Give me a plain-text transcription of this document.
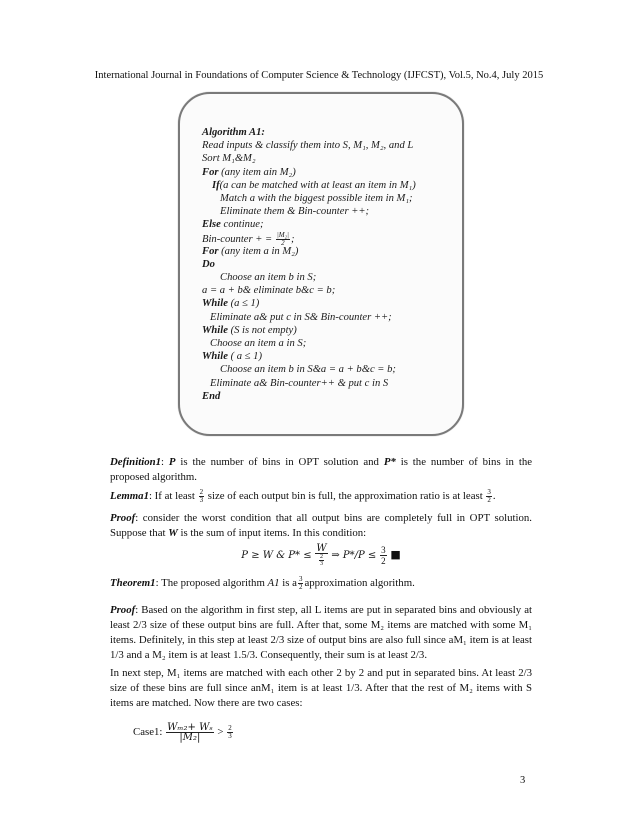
International Journal in Foundations of Computer Science & Technology (IJFCST), Vol.5, No.4, July 2015
Algorithm A1:
Read inputs & classify them into S, M₁, M₂, and L
Sort M₁&M₂
For (any item ain M₂)
If(a can be matched with at least an item in M₁)
Match a with the biggest possible item in M₁;
Eliminate them & Bin-counter ++;
Else continue;
Bin-counter + = $\frac{\text{|M₂|}}{2}$ ;
For (any item a in M₂)
Do
Choose an item b in S;
a = a + b& eliminate b&c = b;
While (a ≤ 1)
Eliminate a& put c in S& Bin-counter ++;
While (S is not empty)
Choose an item a in S;
While ( a ≤ 1)
Choose an item b in S&a = a + b&c = b;
Eliminate a& Bin-counter++ & put c in S
End
Definition1: P is the number of bins in OPT solution and P* is the number of bins in the proposed algorithm.
Lemma1: If at least $\frac{2}{3}$ size of each output bin is full, the approximation ratio is at least $\frac{3}{2}$ .
Proof: consider the worst condition that all output bins are completely full in OPT solution. Suppose that W is the sum of input items. In this condition:
P ≥ W & $P* \le \frac{W}{\frac{2}{3}}$ ⇒ $P*/P \le \frac{3}{2}$ ■
Theorem1: The proposed algorithm A1 is a $\frac{3}{2}$ approximation algorithm.
Proof: Based on the algorithm in first step, all L items are put in separated bins and obviously at least 2/3 size of these output bins are full. After that, some M₂ items are matched with some M₁ items. Definitely, in this step at least 2/3 size of output bins are also full since aM₁ item is at least 1/3 and a M₂ item is at least 1.5/3. Consequently, their sum is at least 2/3.
In next step, M₁ items are matched with each other 2 by 2 and put in separated bins. At least 2/3 size of these bins are full since anM₁ item is at least 1/3. After that the rest of M₂ items with S items are matched. Now there are two cases:
Case1: $\frac{\text{Wₘ₂+ Wₛ}}{\text{|M₂|}} > \frac{2}{3}$
3
